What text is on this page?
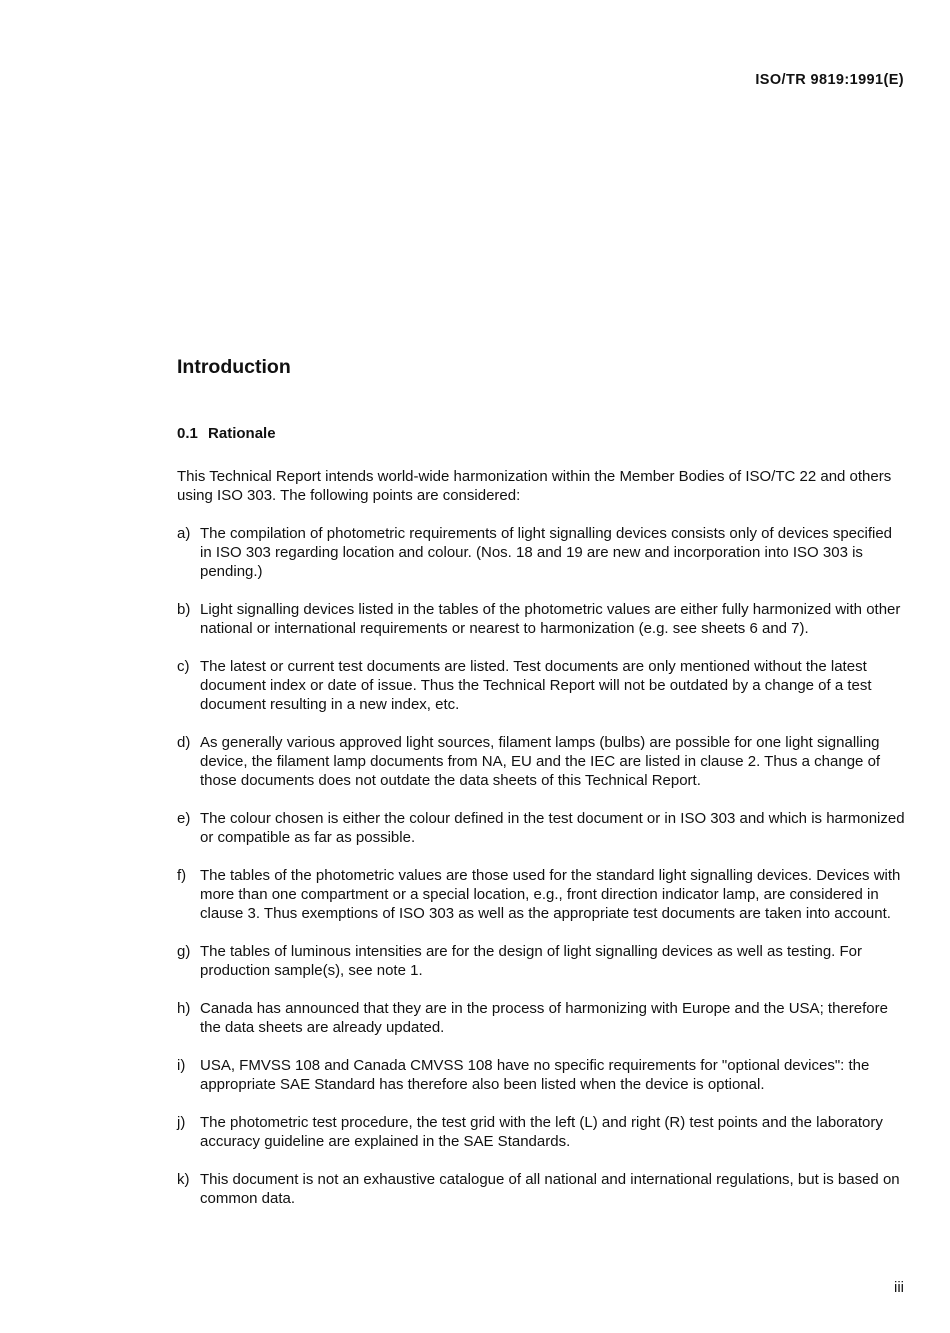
ISO/TR 9819:1991(E)
Introduction
0.1 Rationale

This Technical Report intends world-wide harmonization within the Member Bodies of ISO/TC 22 and others using ISO 303. The following points are considered:

a) The compilation of photometric requirements of light signalling devices consists only of devices specified in ISO 303 regarding location and colour. (Nos. 18 and 19 are new and incorporation into ISO 303 is pending.)
b) Light signalling devices listed in the tables of the photometric values are either fully harmonized with other national or international requirements or nearest to harmonization (e.g. see sheets 6 and 7).
c) The latest or current test documents are listed. Test documents are only mentioned without the latest document index or date of issue. Thus the Technical Report will not be outdated by a change of a test document resulting in a new index, etc.
d) As generally various approved light sources, filament lamps (bulbs) are possible for one light signalling device, the filament lamp documents from NA, EU and the IEC are listed in clause 2. Thus a change of those documents does not outdate the data sheets of this Technical Report.
e) The colour chosen is either the colour defined in the test document or in ISO 303 and which is harmonized or compatible as far as possible.
f) The tables of the photometric values are those used for the standard light signalling devices. Devices with more than one compartment or a special location, e.g., front direction indicator lamp, are considered in clause 3. Thus exemptions of ISO 303 as well as the appropriate test documents are taken into account.
g) The tables of luminous intensities are for the design of light signalling devices as well as testing. For production sample(s), see note 1.
h) Canada has announced that they are in the process of harmonizing with Europe and the USA; therefore the data sheets are already updated.
i) USA, FMVSS 108 and Canada CMVSS 108 have no specific requirements for "optional devices": the appropriate SAE Standard has therefore also been listed when the device is optional.
j) The photometric test procedure, the test grid with the left (L) and right (R) test points and the laboratory accuracy guideline are explained in the SAE Standards.
k) This document is not an exhaustive catalogue of all national and international regulations, but is based on common data.
iii
